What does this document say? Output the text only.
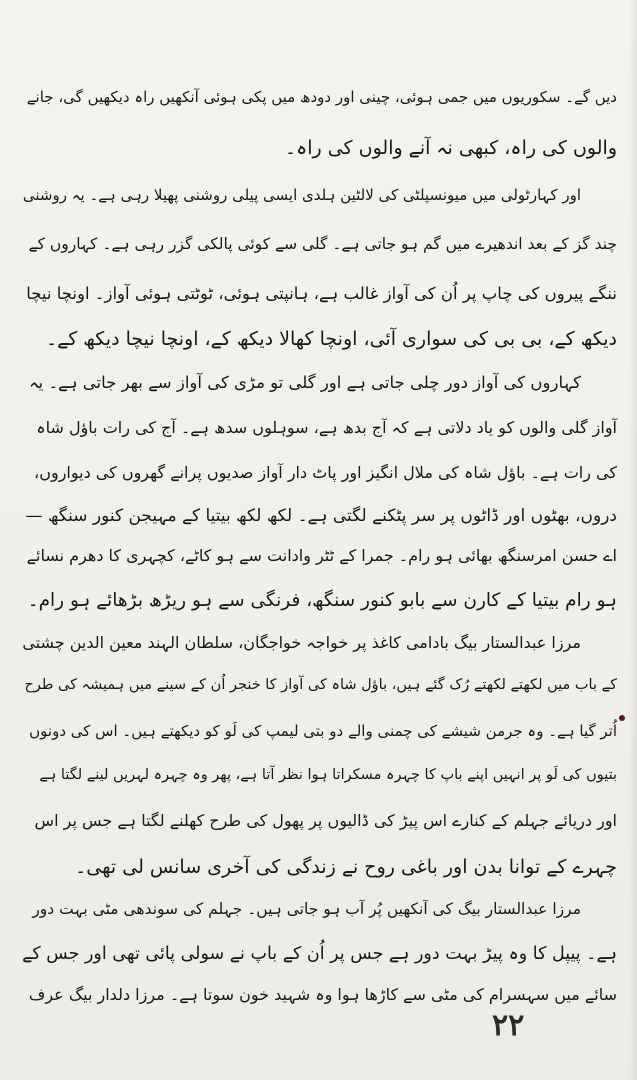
دیں گے۔ سکوریوں میں جمی ہوئی، چینی اور دودھ میں پکی ہوئی آنکھیں راہ دیکھیں گی، جانے
والوں کی راہ، کبھی نہ آنے والوں کی راہ۔
اور کہارٹولی میں میونسپلٹی کی لالٹین ہلدی ایسی پیلی روشنی پھیلا رہی ہے۔ یہ روشنی
چند گز کے بعد اندھیرے میں گم ہو جاتی ہے۔ گلی سے کوئی پالکی گزر رہی ہے۔ کہاروں کے
ننگے پیروں کی چاپ پر اُن کی آواز غالب ہے، ہانپتی ہوئی، ٹوٹتی ہوئی آواز۔ اونچا نیچا
دیکھ کے، بی بی کی سواری آئی، اونچا کھالا دیکھ کے، اونچا نیچا دیکھ کے۔
کہاروں کی آواز دور چلی جاتی ہے اور گلی تو مڑی کی آواز سے بھر جاتی ہے۔ یہ
آواز گلی والوں کو یاد دلاتی ہے کہ آج بدھ ہے، سوہلوں سدھ ہے۔ آج کی رات باؤل شاہ
کی رات ہے۔ باؤل شاہ کی ملال انگیز اور پاٹ دار آواز صدیوں پرانے گھروں کی دیواروں،
دروں، بھٹوں اور ڈاٹوں پر سر پٹکنے لگتی ہے۔ لکھ لکھ بیتیا کے مہیجن کنور سنگھ —
اے حسن امرسنگھ بھائی ہو رام۔ جمرا کے ٹٹر وادانت سے ہو کاٹے، کچہری کا دھرم نسائے
ہو رام بیتیا کے کارن سے بابو کنور سنگھ، فرنگی سے ہو ریڑھ بڑھائے ہو رام۔
مرزا عبدالستار بیگ بادامی کاغذ پر خواجہ خواجگان، سلطان الہند معین الدین چشتی
کے باب میں لکھتے لکھتے رُک گئے ہیں، باؤل شاہ کی آواز کا خنجر اُن کے سینے میں ہمیشہ کی طرح
اُتر گیا ہے۔ وہ جرمن شیشے کی چمنی والے دو بتی لیمپ کی لَو کو دیکھتے ہیں۔ اس کی دونوں
بتیوں کی لَو پر انہیں اپنے باپ کا چہرہ مسکراتا ہوا نظر آتا ہے، پھر وہ چہرہ لہریں لینے لگتا ہے
اور دریائے جہلم کے کنارے اس پیڑ کی ڈالیوں پر پھول کی طرح کھلنے لگتا ہے جس پر اس
چہرے کے توانا بدن اور باغی روح نے زندگی کی آخری سانس لی تھی۔
مرزا عبدالستار بیگ کی آنکھیں پُر آب ہو جاتی ہیں۔ جہلم کی سوندھی مٹی بہت دور
ہے۔ پیپل کا وہ پیڑ بہت دور ہے جس پر اُن کے باپ نے سولی پائی تھی اور جس کے
سائے میں سہسرام کی مٹی سے کاڑھا ہوا وہ شہید خون سوتا ہے۔ مرزا دلدار بیگ عرف
۲۲
